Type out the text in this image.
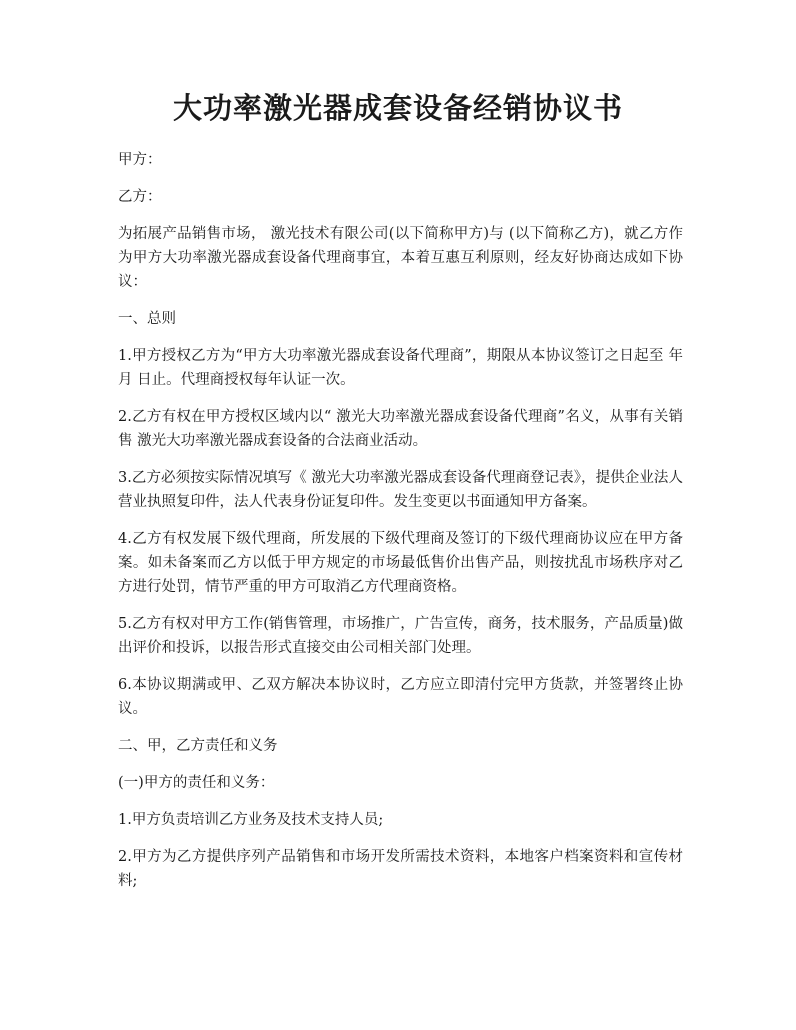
大功率激光器成套设备经销协议书

甲方：

乙方：

为拓展产品销售市场， 激光技术有限公司(以下简称甲方)与 (以下简称乙方)，就乙方作为甲方大功率激光器成套设备代理商事宜，本着互惠互利原则，经友好协商达成如下协议：

一、总则

1.甲方授权乙方为“甲方大功率激光器成套设备代理商”，期限从本协议签订之日起至 年 月 日止。代理商授权每年认证一次。

2.乙方有权在甲方授权区域内以“ 激光大功率激光器成套设备代理商”名义，从事有关销售 激光大功率激光器成套设备的合法商业活动。

3.乙方必须按实际情况填写《 激光大功率激光器成套设备代理商登记表》，提供企业法人营业执照复印件，法人代表身份证复印件。发生变更以书面通知甲方备案。

4.乙方有权发展下级代理商，所发展的下级代理商及签订的下级代理商协议应在甲方备案。如未备案而乙方以低于甲方规定的市场最低售价出售产品，则按扰乱市场秩序对乙方进行处罚，情节严重的甲方可取消乙方代理商资格。

5.乙方有权对甲方工作(销售管理，市场推广，广告宣传，商务，技术服务，产品质量)做出评价和投诉，以报告形式直接交由公司相关部门处理。

6.本协议期满或甲、乙双方解决本协议时，乙方应立即清付完甲方货款，并签署终止协议。

二、甲，乙方责任和义务

(一)甲方的责任和义务：

1.甲方负责培训乙方业务及技术支持人员;

2.甲方为乙方提供序列产品销售和市场开发所需技术资料，本地客户档案资料和宣传材料;
